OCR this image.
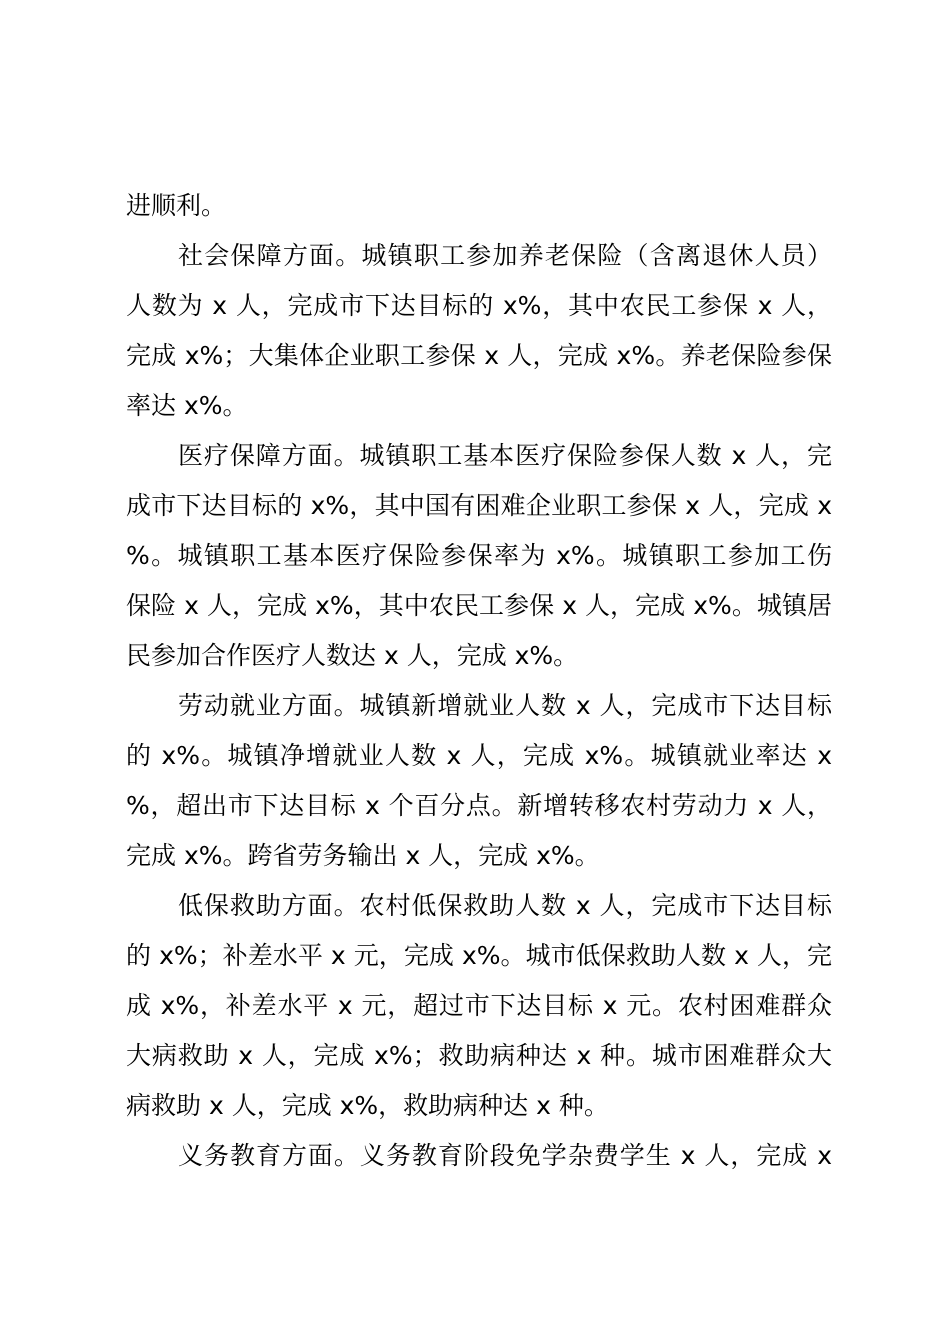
进顺利。
社会保障方面。城镇职工参加养老保险（含离退休人员）
人数为 x 人，完成市下达目标的 x%，其中农民工参保 x 人，
完成 x%；大集体企业职工参保 x 人，完成 x%。养老保险参保
率达 x%。
医疗保障方面。城镇职工基本医疗保险参保人数 x 人，完
成市下达目标的 x%，其中国有困难企业职工参保 x 人，完成 x
%。城镇职工基本医疗保险参保率为 x%。城镇职工参加工伤
保险 x 人，完成 x%，其中农民工参保 x 人，完成 x%。城镇居
民参加合作医疗人数达 x 人，完成 x%。
劳动就业方面。城镇新增就业人数 x 人，完成市下达目标
的 x%。城镇净增就业人数 x 人，完成 x%。城镇就业率达 x
%，超出市下达目标 x 个百分点。新增转移农村劳动力 x 人，
完成 x%。跨省劳务输出 x 人，完成 x%。
低保救助方面。农村低保救助人数 x 人，完成市下达目标
的 x%；补差水平 x 元，完成 x%。城市低保救助人数 x 人，完
成 x%，补差水平 x 元，超过市下达目标 x 元。农村困难群众
大病救助 x 人，完成 x%；救助病种达 x 种。城市困难群众大
病救助 x 人，完成 x%，救助病种达 x 种。
义务教育方面。义务教育阶段免学杂费学生 x 人，完成 x
